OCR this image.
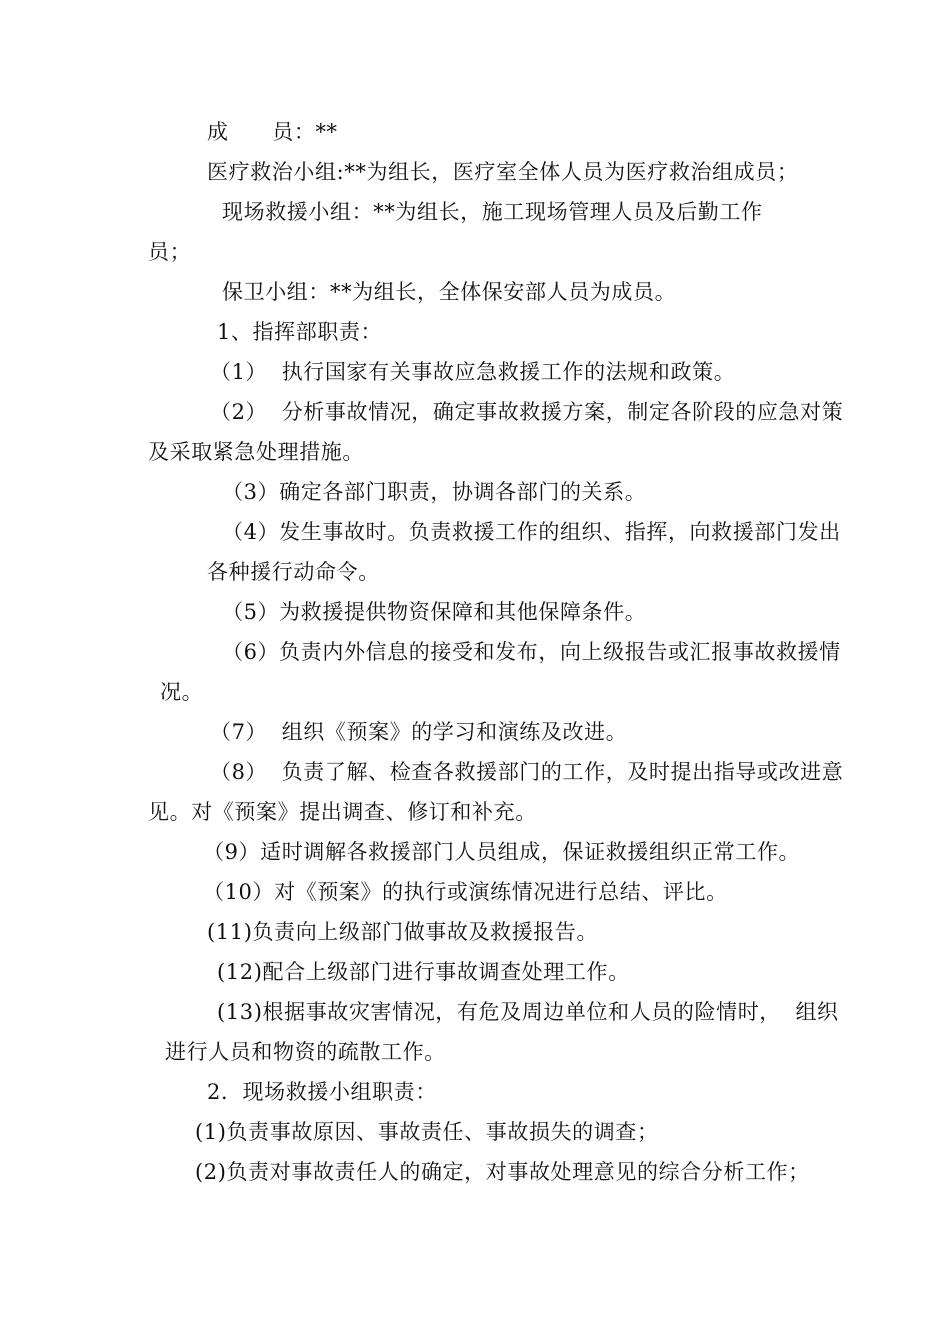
成      员：**
医疗救治小组:**为组长，医疗室全体人员为医疗救治组成员；
现场救援小组：**为组长，施工现场管理人员及后勤工作
员；
保卫小组：**为组长，全体保安部人员为成员。
1、指挥部职责：
（1）  执行国家有关事故应急救援工作的法规和政策。
（2）  分析事故情况，确定事故救援方案，制定各阶段的应急对策
及采取紧急处理措施。
（3）确定各部门职责，协调各部门的关系。
（4）发生事故时。负责救援工作的组织、指挥，向救援部门发出
各种援行动命令。
（5）为救援提供物资保障和其他保障条件。
（6）负责内外信息的接受和发布，向上级报告或汇报事故救援情
况。
（7）  组织《预案》的学习和演练及改进。
（8）  负责了解、检查各救援部门的工作，及时提出指导或改进意
见。对《预案》提出调查、修订和补充。
（9）适时调解各救援部门人员组成，保证救援组织正常工作。
（10）对《预案》的执行或演练情况进行总结、评比。
(11)负责向上级部门做事故及救援报告。
(12)配合上级部门进行事故调查处理工作。
(13)根据事故灾害情况，有危及周边单位和人员的险情时，  组织
进行人员和物资的疏散工作。
2．现场救援小组职责：
(1)负责事故原因、事故责任、事故损失的调查；
(2)负责对事故责任人的确定，对事故处理意见的综合分析工作；
